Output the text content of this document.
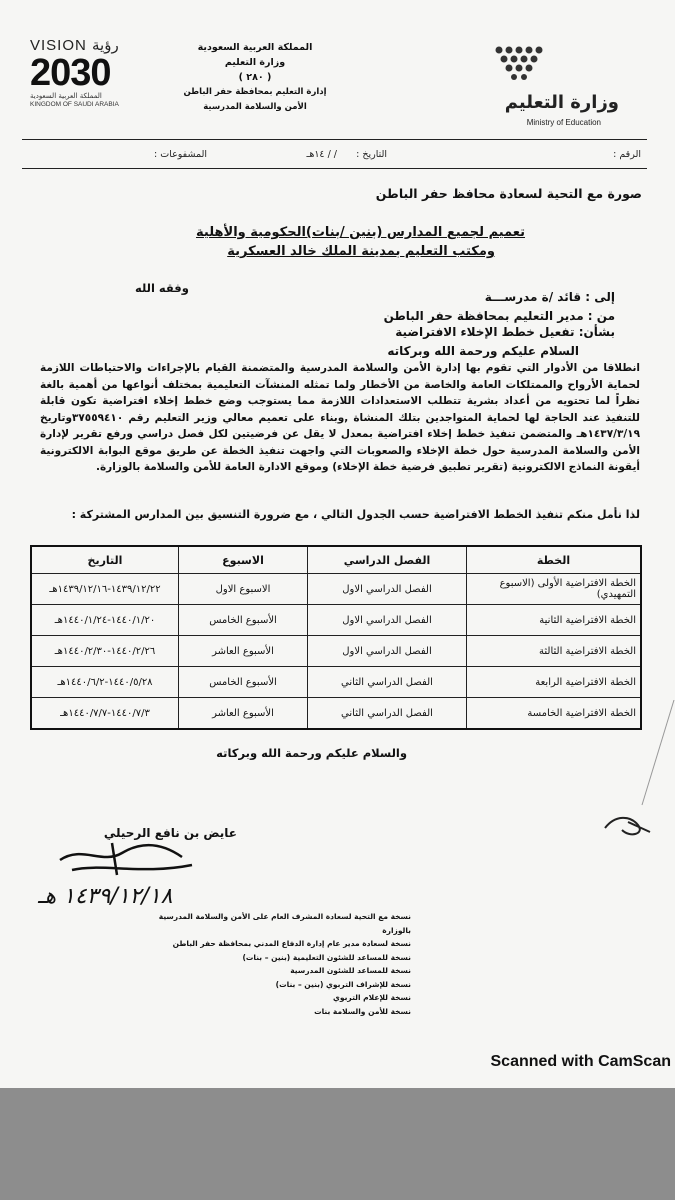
VISION رؤية
2030
المملكة العربية السعودية
KINGDOM OF SAUDI ARABIA
المملكة العربية السعودية
وزارة التعليم
( ٢٨٠ )
إدارة التعليم بمحافظة حفر الباطن
الأمن والسلامة المدرسية	وزارة التعليم
Ministry of Education
الرقم :
التاريخ :
/ / ١٤هـ
المشفوعات :
صورة مع التحية لسعادة محافظ حفر الباطن
تعميم لجميع المدارس (بنين /بنات)الحكومية والأهلية
ومكتب التعليم بمدينة الملك خالد العسكرية
وفقه الله
إلى : قائد /ة مدرســـة
من : مدير التعليم بمحافظة حفر الباطن
بشأن: تفعيل خطط الإخلاء الافتراضية
السلام عليكم ورحمة الله وبركاته
انطلاقا من الأدوار التي تقوم بها إدارة الأمن والسلامة المدرسية والمتضمنة القيام بالإجراءات والاحتياطات اللازمة لحماية الأرواح والممتلكات العامة والخاصة من الأخطار ولما تمثله المنشآت التعليمية بمختلف أنواعها من أهمية بالغة نظراً لما تحتويه من أعداد بشرية تتطلب الاستعدادات اللازمة مما يستوجب وضع خطط إخلاء افتراضية تكون قابلة للتنفيذ عند الحاجة لها لحماية المتواجدين بتلك المنشاة ,وبناء على تعميم معالي وزير التعليم رقم ٣٧٥٥٩٤١٠وتاريخ ١٤٣٧/٣/١٩هـ والمتضمن تنفيذ خطط إخلاء افتراضية بمعدل لا يقل عن فرضيتين لكل فصل دراسي ورفع تقرير لإدارة الأمن والسلامة المدرسية حول خطة الإخلاء والصعوبات التي واجهت تنفيذ الخطة عن طريق موقع البوابة الالكترونية أيقونة النماذج الالكترونية (تقرير تطبيق فرضية خطة الإخلاء) وموقع الادارة العامة للأمن والسلامة بالوزارة.
لذا نأمل منكم تنفيذ الخطط الافتراضية حسب الجدول التالي ، مع ضرورة التنسيق بين المدارس المشتركة :
الخطة	الفصل الدراسي	الاسبوع	التاريخ
الخطة الافتراضية الأولى (الاسبوع التمهيدي)	الفصل الدراسي الاول	الاسبوع الاول	١٤٣٩/١٢/٢٢-١٤٣٩/١٢/١٦هـ
الخطة الافتراضية الثانية	الفصل الدراسي الاول	الأسبوع الخامس	١٤٤٠/١/٢٠-١٤٤٠/١/٢٤هـ
الخطة الافتراضية الثالثة	الفصل الدراسي الاول	الأسبوع العاشر	١٤٤٠/٢/٢٦-١٤٤٠/٢/٣٠هـ
الخطة الافتراضية الرابعة	الفصل الدراسي الثاني	الأسبوع الخامس	١٤٤٠/٥/٢٨-١٤٤٠/٦/٢هـ
الخطة الافتراضية الخامسة	الفصل الدراسي الثاني	الأسبوع العاشر	١٤٤٠/٧/٣-١٤٤٠/٧/٧هـ
والسلام عليكم ورحمة الله وبركاته
عايض بن نافع الرحيلي
١٤٣٩/١٢/١٨ هـ
نسخة مع التحية لسعادة المشرف العام على الأمن والسلامة المدرسية بالوزارة
نسخة لسعادة مدير عام إدارة الدفاع المدني بمحافظة حفر الباطن
نسخة للمساعد للشئون التعليمية (بنين – بنات)
نسخة للمساعد للشئون المدرسية
نسخة للإشراف التربوي (بنين – بنات)
نسخة للإعلام التربوي
نسخة للأمن والسلامة بنات
Scanned with CamScan
